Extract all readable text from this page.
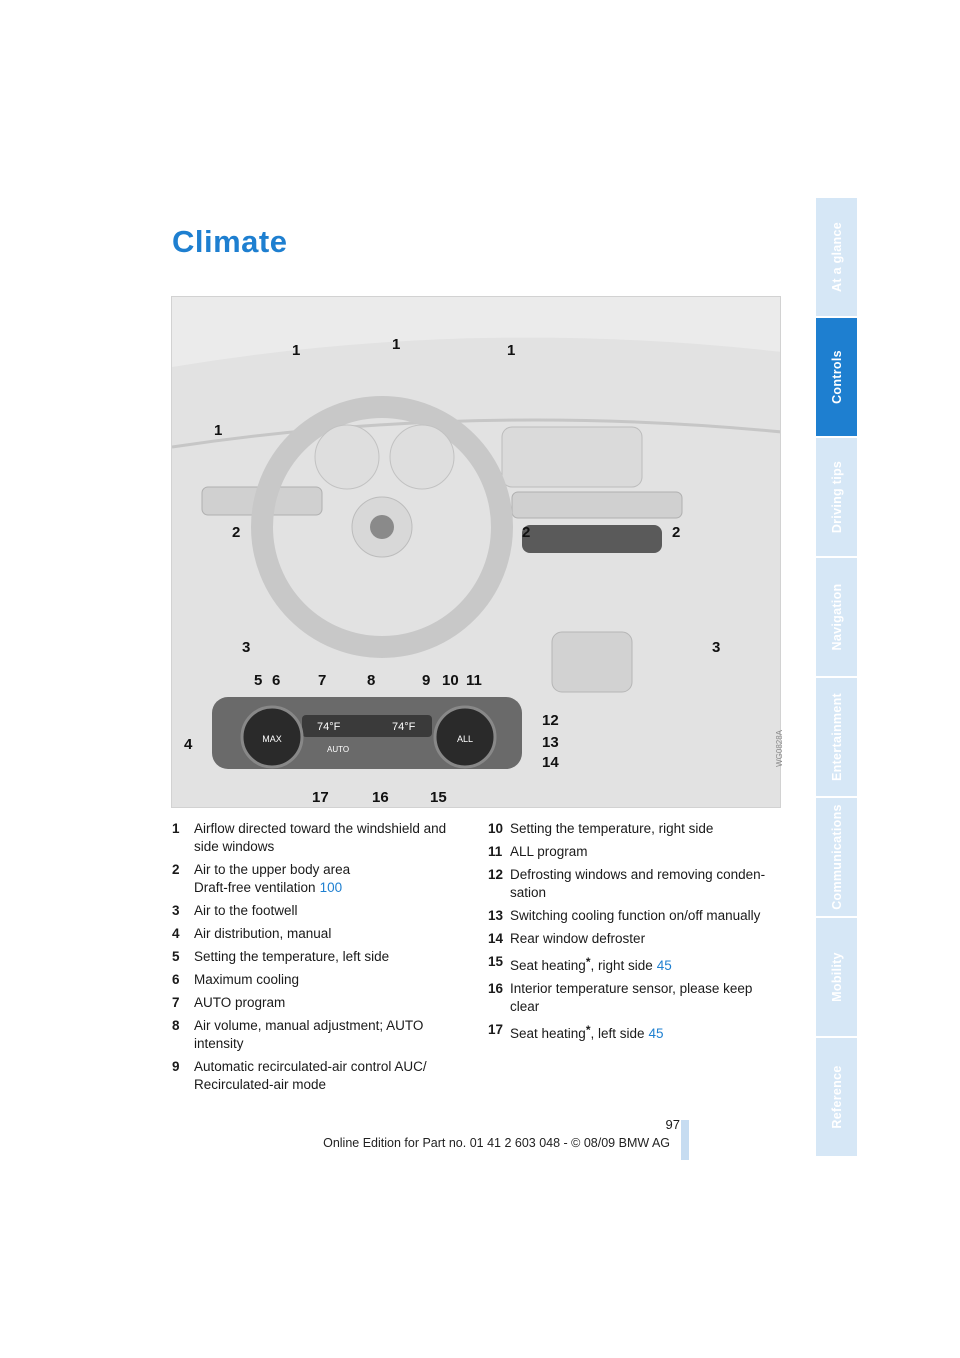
Climate
74°F	74°F
MAX	ALL
AUTO
1	1	1
1
2	2	2
3	3
4
5 6	7	8	9 10 11
12
13
14
15
16
17
WG0828A
1	Airflow directed toward the windshield and
side windows
2	Air to the upper body area
Draft-free ventilation 100
3	Air to the footwell
4	Air distribution, manual
5	Setting the temperature, left side
6	Maximum cooling
7	AUTO program
8	Air volume, manual adjustment; AUTO
intensity
9	Automatic recirculated-air control AUC/
Recirculated-air mode
10 Setting the temperature, right side
11 ALL program
12 Defrosting windows and removing conden-
sation
13 Switching cooling function on/off manually
14 Rear window defroster
15 Seat heating*, right side 45
16 Interior temperature sensor, please keep
clear
17 Seat heating*, left side 45
At a glance
Controls
Driving tips
Navigation
Entertainment
Communications
Mobility
Reference
97
Online Edition for Part no. 01 41 2 603 048 - © 08/09 BMW AG
